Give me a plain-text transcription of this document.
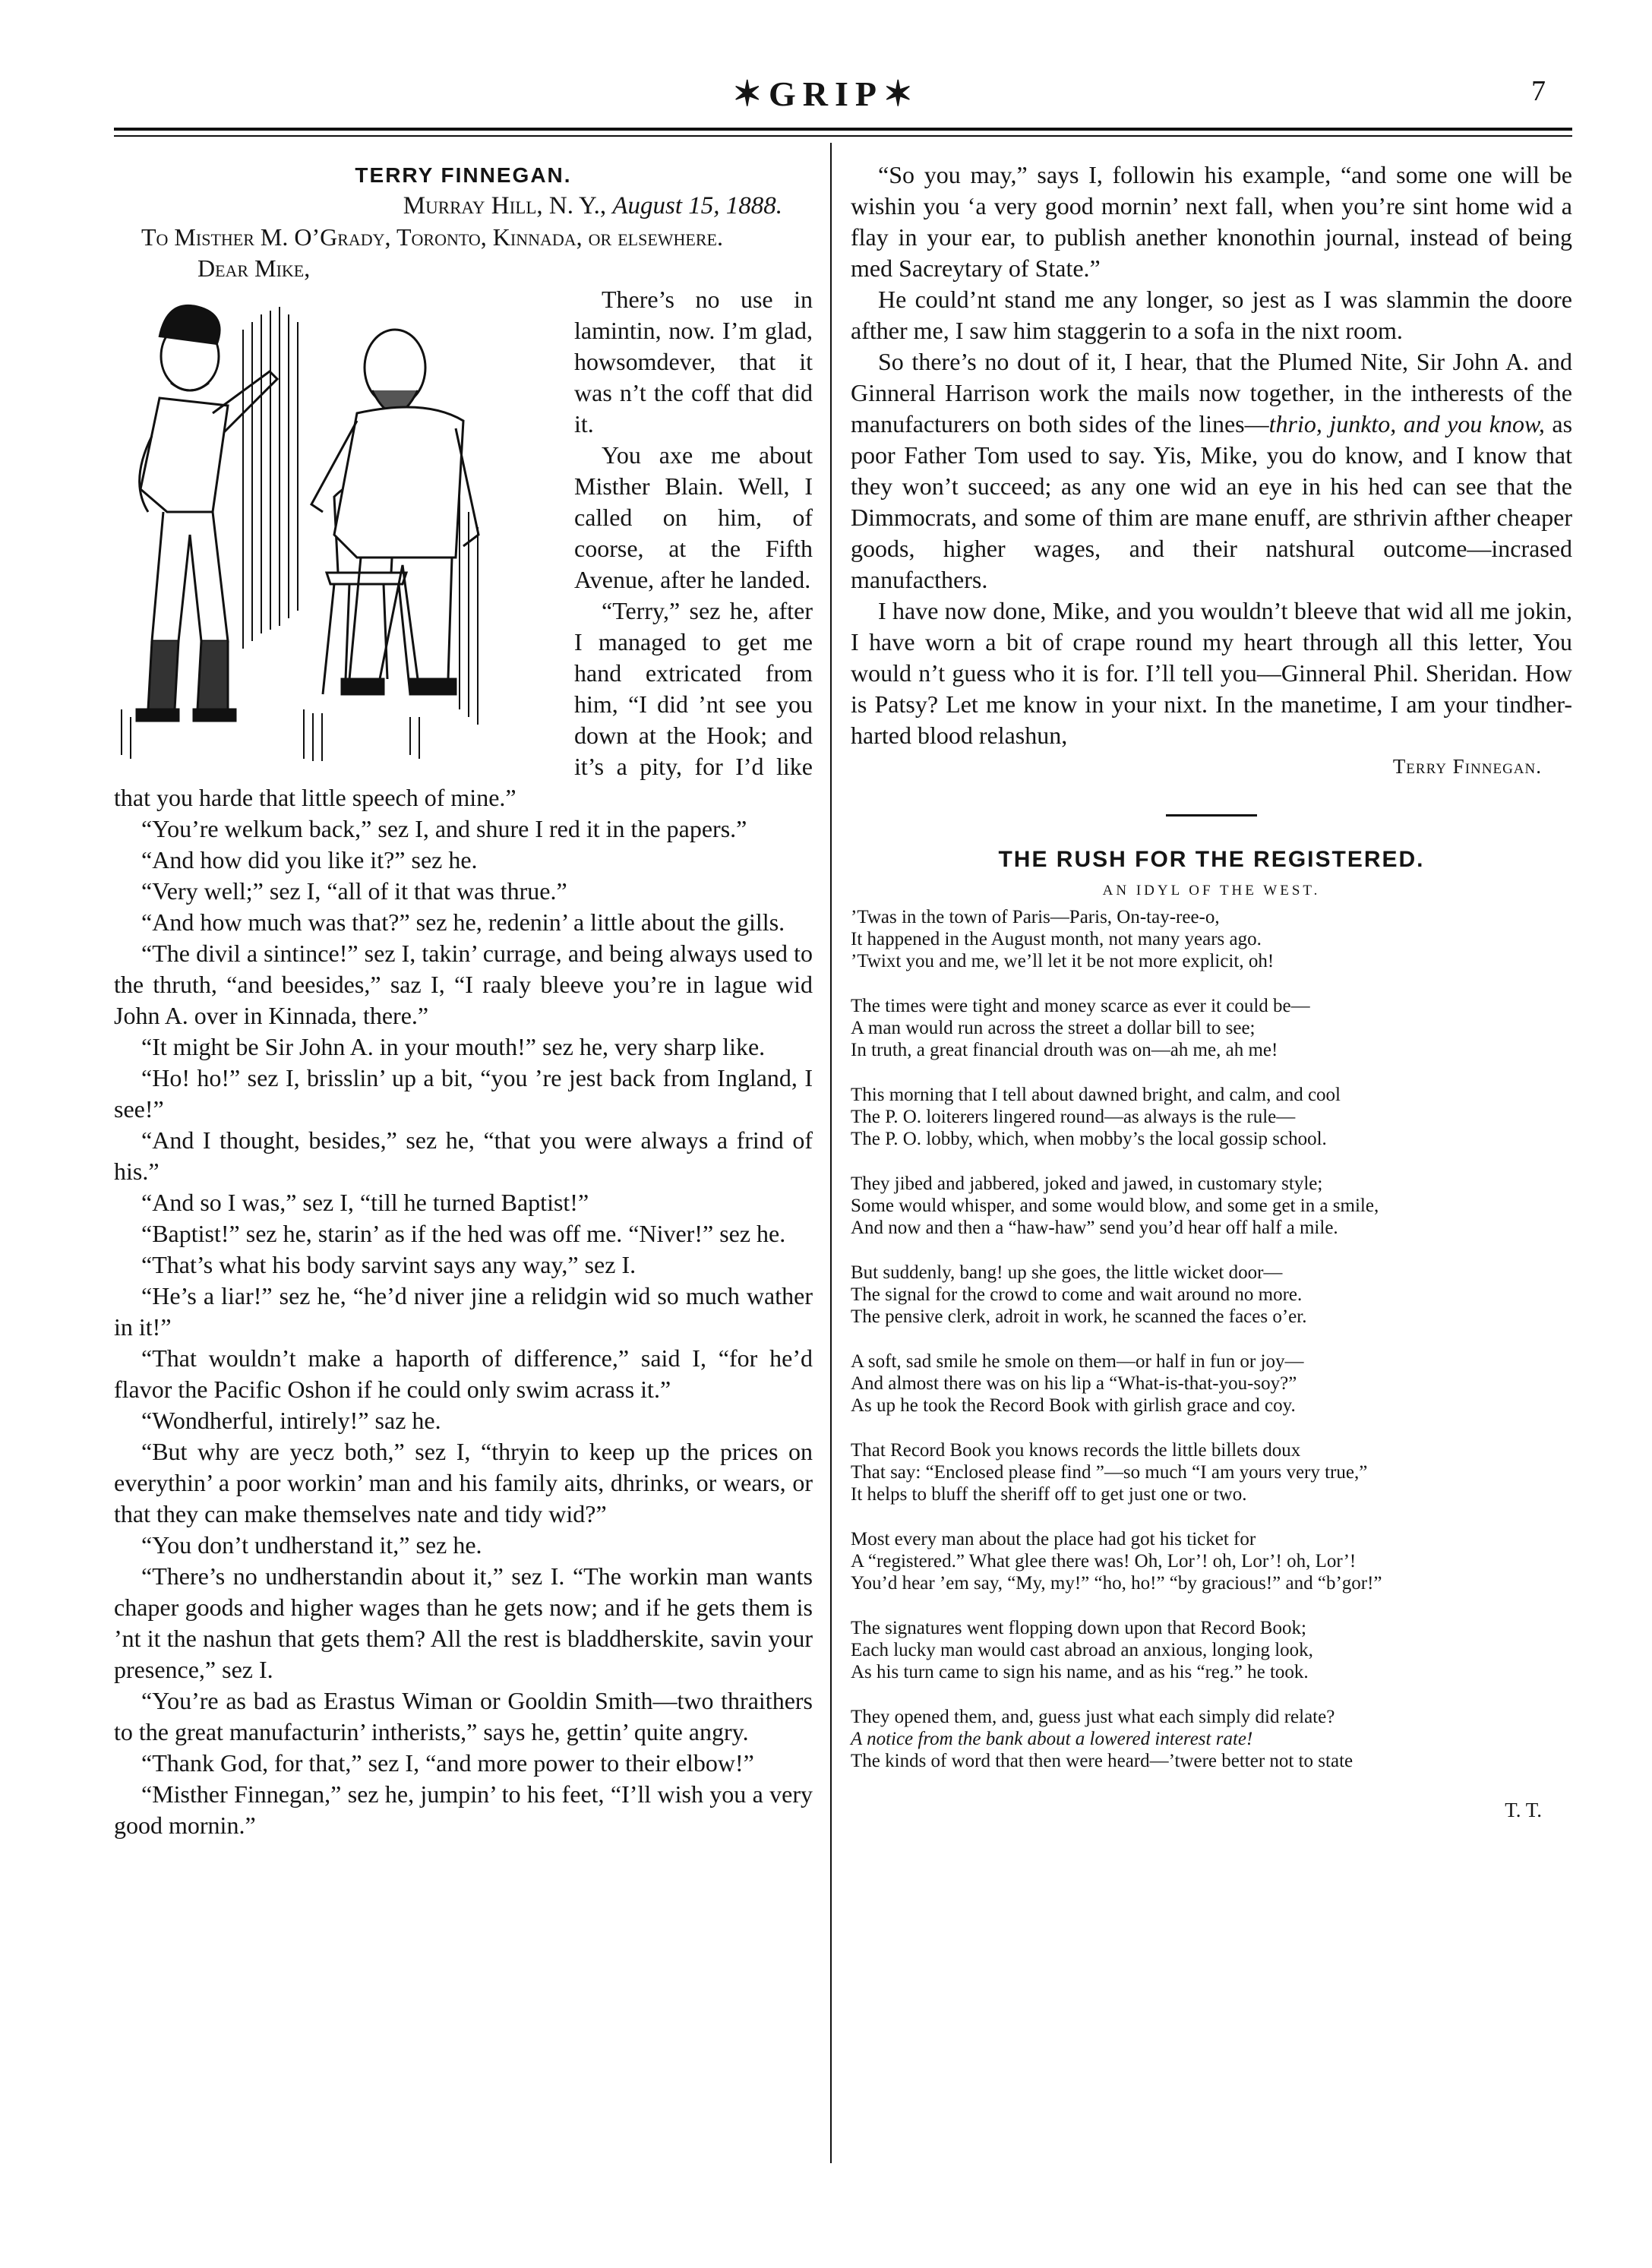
✶GRIP✶	7

TERRY FINNEGAN.

Murray Hill, N. Y., August 15, 1888.

To Misther M. O’Grady, Toronto, Kinnada, or elsewhere.

Dear Mike,

There’s no use in lamintin, now. I’m glad, howsomdever, that it was n’t the coff that did it.

You axe me about Misther Blain. Well, I called on him, of coorse, at the Fifth Avenue, after he landed.

“Terry,” sez he, after I managed to get me hand extricated from him, “I did ’nt see you down at the Hook; and it’s a pity, for I’d like that you harde that little speech of mine.”

“You’re welkum back,” sez I, and shure I red it in the papers.”

“And how did you like it?” sez he.

“Very well;” sez I, “all of it that was thrue.”

“And how much was that?” sez he, redenin’ a little about the gills.

“The divil a sintince!” sez I, takin’ currage, and being always used to the thruth, “and beesides,” saz I, “I raaly bleeve you’re in lague wid John A. over in Kinnada, there.”

“It might be Sir John A. in your mouth!” sez he, very sharp like.

“Ho! ho!” sez I, brisslin’ up a bit, “you ’re jest back from Ingland, I see!”

“And I thought, besides,” sez he, “that you were always a frind of his.”

“And so I was,” sez I, “till he turned Baptist!”

“Baptist!” sez he, starin’ as if the hed was off me. “Niver!” sez he.

“That’s what his body sarvint says any way,” sez I.

“He’s a liar!” sez he, “he’d niver jine a relidgin wid so much wather in it!”

“That wouldn’t make a haporth of difference,” said I, “for he’d flavor the Pacific Oshon if he could only swim acrass it.”

“Wondherful, intirely!” saz he.

“But why are yecz both,” sez I, “thryin to keep up the prices on everythin’ a poor workin’ man and his family aits, dhrinks, or wears, or that they can make themselves nate and tidy wid?”

“You don’t undherstand it,” sez he.

“There’s no undherstandin about it,” sez I. “The workin man wants chaper goods and higher wages than he gets now; and if he gets them is ’nt it the nashun that gets them? All the rest is bladdherskite, savin your presence,” sez I.

“You’re as bad as Erastus Wiman or Gooldin Smith—two thraithers to the great manufacturin’ intherists,” says he, gettin’ quite angry.

“Thank God, for that,” sez I, “and more power to their elbow!”

“Misther Finnegan,” sez he, jumpin’ to his feet, “I’ll wish you a very good mornin.”

“So you may,” says I, followin his example, “and some one will be wishin you ‘a very good mornin’ next fall, when you’re sint home wid a flay in your ear, to publish anether knonothin journal, instead of being med Sacreytary of State.”

He could’nt stand me any longer, so jest as I was slammin the doore afther me, I saw him staggerin to a sofa in the nixt room.

So there’s no dout of it, I hear, that the Plumed Nite, Sir John A. and Ginneral Harrison work the mails now together, in the intherests of the manufacturers on both sides of the lines—thrio, junkto, and you know, as poor Father Tom used to say. Yis, Mike, you do know, and I know that they won’t succeed; as any one wid an eye in his hed can see that the Dimmocrats, and some of thim are mane enuff, are sthrivin afther cheaper goods, higher wages, and their natshural outcome—incrased manufacthers.

I have now done, Mike, and you wouldn’t bleeve that wid all me jokin, I have worn a bit of crape round my heart through all this letter, You would n’t guess who it is for. I’ll tell you—Ginneral Phil. Sheridan. How is Patsy? Let me know in your nixt. In the manetime, I am your tindher-harted blood relashun,

Terry Finnegan.

THE RUSH FOR THE REGISTERED.

AN IDYL OF THE WEST.

’Twas in the town of Paris—Paris, On-tay-ree-o,
It happened in the August month, not many years ago.
’Twixt you and me, we’ll let it be not more explicit, oh!
The times were tight and money scarce as ever it could be—
A man would run across the street a dollar bill to see;
In truth, a great financial drouth was on—ah me, ah me!
This morning that I tell about dawned bright, and calm, and cool
The P. O. loiterers lingered round—as always is the rule—
The P. O. lobby, which, when mobby’s the local gossip school.
They jibed and jabbered, joked and jawed, in customary style;
Some would whisper, and some would blow, and some get in a smile,
And now and then a “haw-haw” send you’d hear off half a mile.
But suddenly, bang! up she goes, the little wicket door—
The signal for the crowd to come and wait around no more.
The pensive clerk, adroit in work, he scanned the faces o’er.
A soft, sad smile he smole on them—or half in fun or joy—
And almost there was on his lip a “What-is-that-you-soy?”
As up he took the Record Book with girlish grace and coy.
That Record Book you knows records the little billets doux
That say: “Enclosed please find ”—so much “I am yours very true,”
It helps to bluff the sheriff off to get just one or two.
Most every man about the place had got his ticket for
A “registered.” What glee there was! Oh, Lor’! oh, Lor’! oh, Lor’!
You’d hear ’em say, “My, my!” “ho, ho!” “by gracious!” and “b’gor!”
The signatures went flopping down upon that Record Book;
Each lucky man would cast abroad an anxious, longing look,
As his turn came to sign his name, and as his “reg.” he took.
They opened them, and, guess just what each simply did relate?
A notice from the bank about a lowered interest rate!
The kinds of word that then were heard—’twere better not to state

T. T.
